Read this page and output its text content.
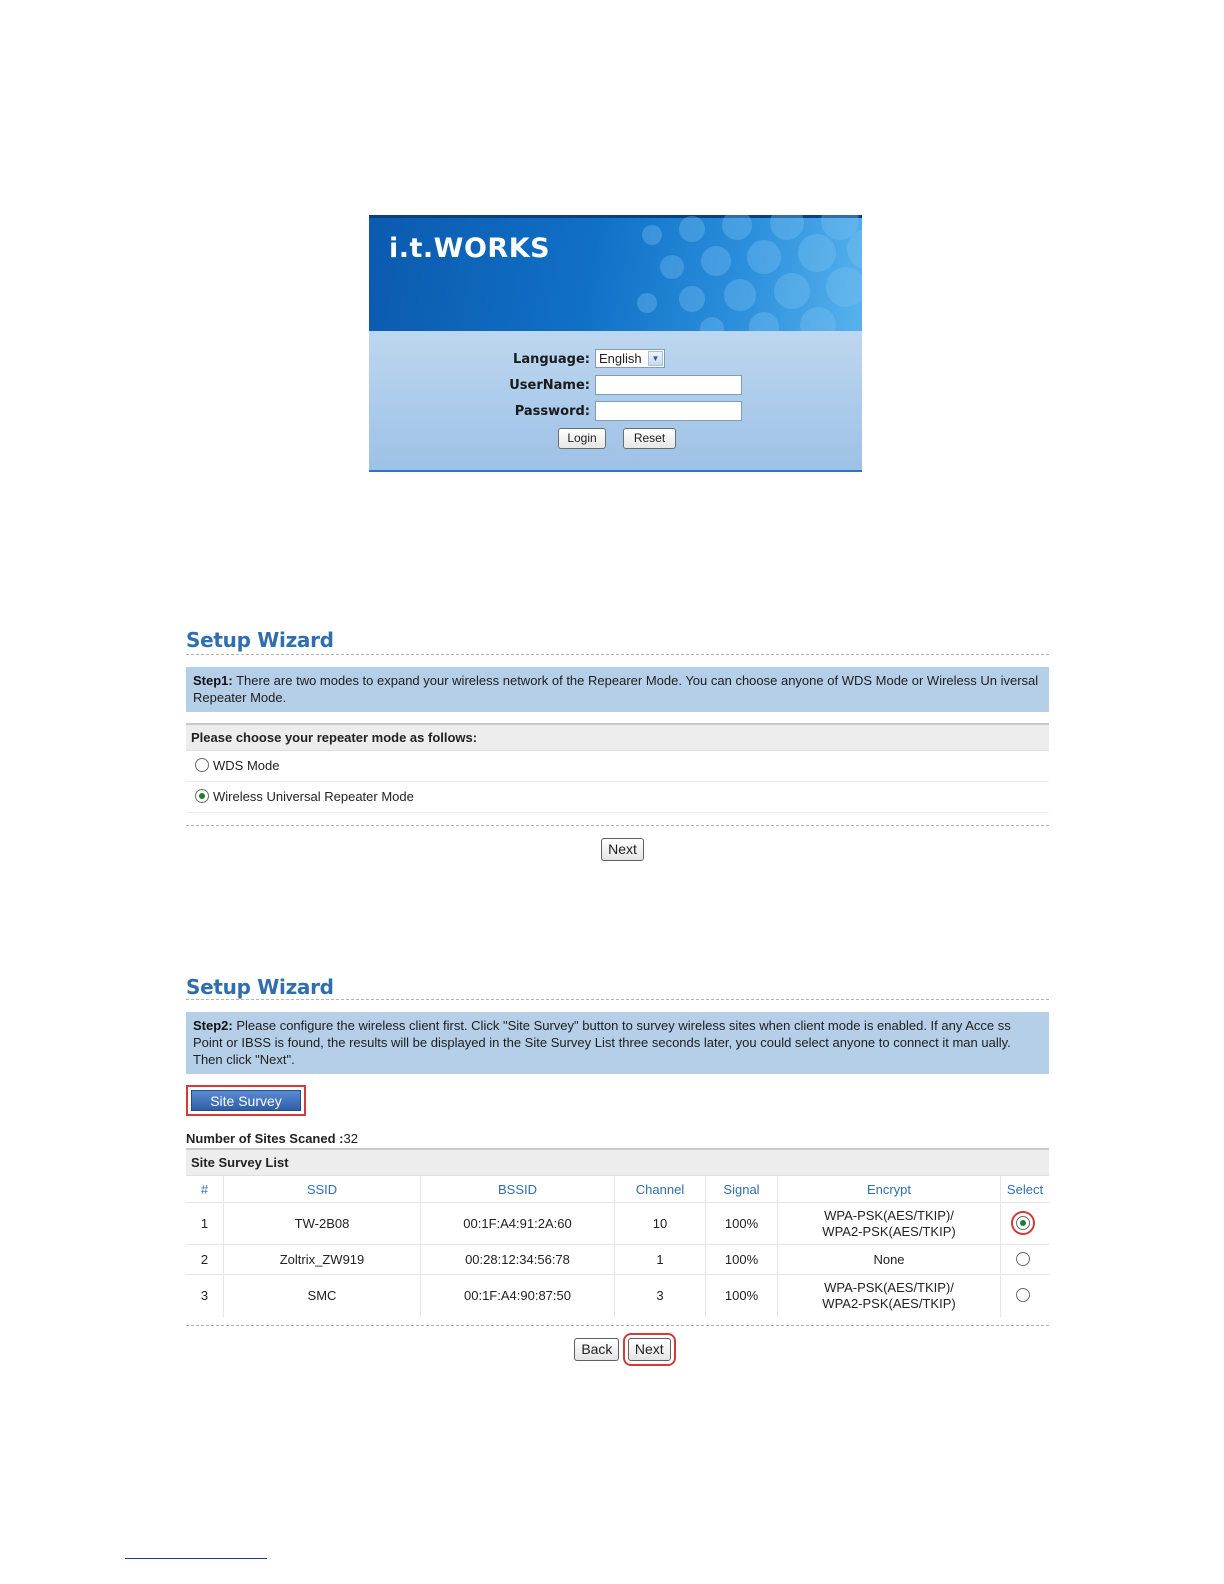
i.t.WORKS
Language: English	▼
UserName:
Password:
Login	Reset
Setup Wizard
Step1: There are two modes to expand your wireless network of the Repearer Mode. You can choose anyone of WDS Mode or Wireless Un iversal Repeater Mode.
Please choose your repeater mode as follows:
WDS Mode
Wireless Universal Repeater Mode
Next
Setup Wizard
Step2: Please configure the wireless client first. Click "Site Survey" button to survey wireless sites when client mode is enabled. If any Acce ss Point or IBSS is found, the results will be displayed in the Site Survey List three seconds later, you could select anyone to connect it man ually. Then click "Next".
Site Survey
Number of Sites Scaned :32
Site Survey List
#	SSID	BSSID	Channel	Signal	Encrypt	Select
1	TW-2B08	00:1F:A4:91:2A:60	10	100%	WPA-PSK(AES/TKIP)/
WPA2-PSK(AES/TKIP)	
2	Zoltrix_ZW919	00:28:12:34:56:78	1	100%	None	
3	SMC	00:1F:A4:90:87:50	3	100%	WPA-PSK(AES/TKIP)/
WPA2-PSK(AES/TKIP)	
Back Next
